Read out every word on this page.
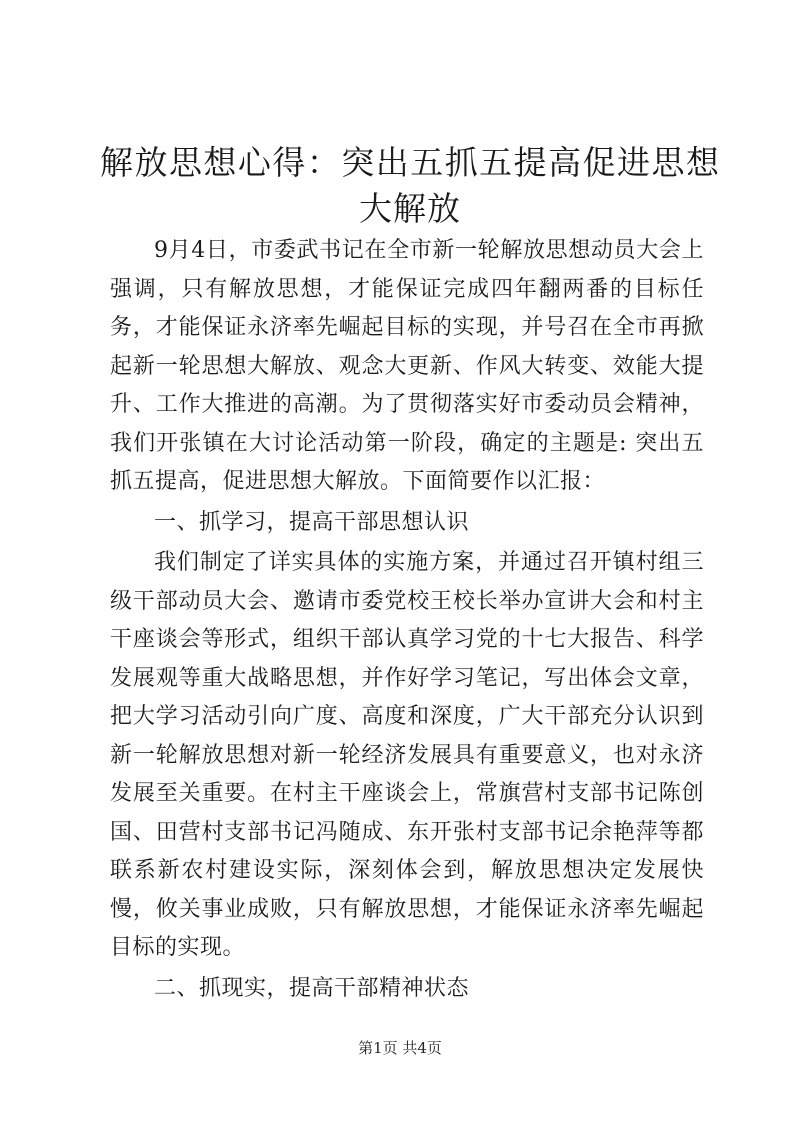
解放思想心得：突出五抓五提高促进思想大解放

9月4日，市委武书记在全市新一轮解放思想动员大会上强调，只有解放思想，才能保证完成四年翻两番的目标任务，才能保证永济率先崛起目标的实现，并号召在全市再掀起新一轮思想大解放、观念大更新、作风大转变、效能大提升、工作大推进的高潮。为了贯彻落实好市委动员会精神，我们开张镇在大讨论活动第一阶段，确定的主题是: 突出五抓五提高，促进思想大解放。下面简要作以汇报：

一、抓学习，提高干部思想认识

我们制定了详实具体的实施方案，并通过召开镇村组三级干部动员大会、邀请市委党校王校长举办宣讲大会和村主干座谈会等形式，组织干部认真学习党的十七大报告、科学发展观等重大战略思想，并作好学习笔记，写出体会文章，把大学习活动引向广度、高度和深度，广大干部充分认识到新一轮解放思想对新一轮经济发展具有重要意义，也对永济发展至关重要。在村主干座谈会上，常旗营村支部书记陈创国、田营村支部书记冯随成、东开张村支部书记余艳萍等都联系新农村建设实际，深刻体会到，解放思想决定发展快慢，攸关事业成败，只有解放思想，才能保证永济率先崛起目标的实现。

二、抓现实，提高干部精神状态

第1页 共4页
